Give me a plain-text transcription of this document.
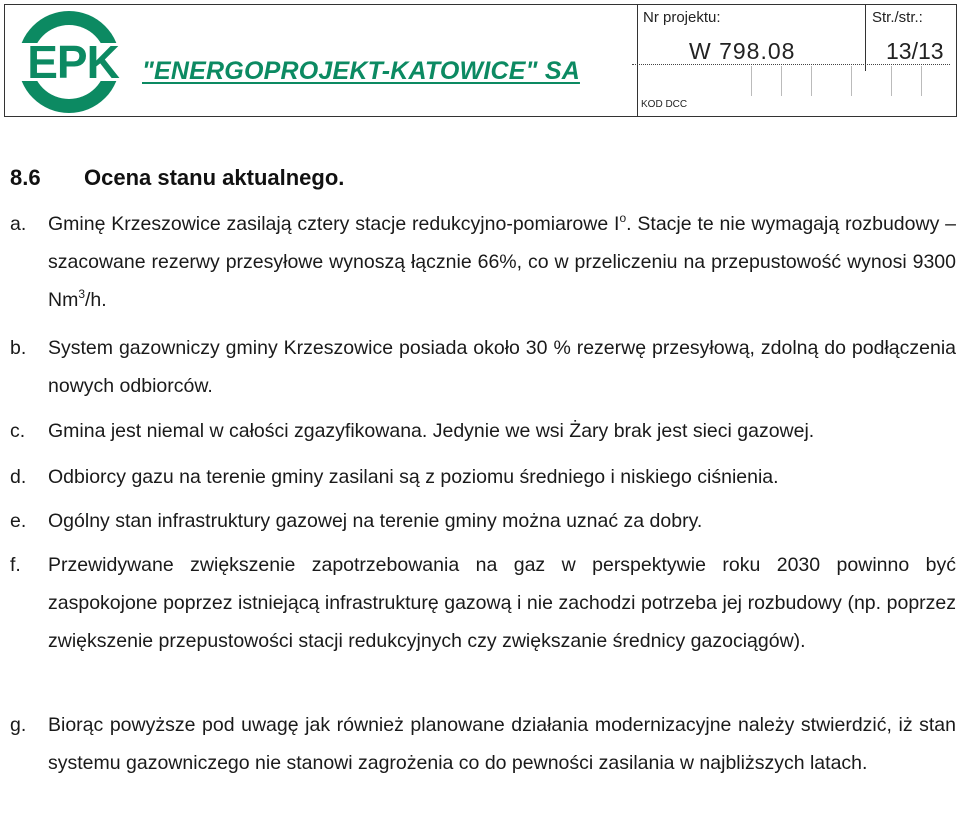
EPK "ENERGOPROJEKT-KATOWICE" SA
Nr projektu:
W 798.08
Str./str.:
13/13
KOD DCC
8.6 Ocena stanu aktualnego.
a. Gminę Krzeszowice zasilają cztery stacje redukcyjno-pomiarowe $I^o$. Stacje te nie wymagają rozbudowy – szacowane rezerwy przesyłowe wynoszą łącznie 66%, co w przeliczeniu na przepustowość wynosi 9300 Nm$^3$/h.
b. System gazowniczy gminy Krzeszowice posiada około 30 % rezerwę przesyłową, zdolną do podłączenia nowych odbiorców.
c. Gmina jest niemal w całości zgazyfikowana. Jedynie we wsi Żary brak jest sieci gazowej.
d. Odbiorcy gazu na terenie gminy zasilani są z poziomu średniego i niskiego ciśnienia.
e. Ogólny stan infrastruktury gazowej na terenie gminy można uznać za dobry.
f. Przewidywane zwiększenie zapotrzebowania na gaz w perspektywie roku 2030 powinno być zaspokojone poprzez istniejącą infrastrukturę gazową i nie zachodzi potrzeba jej rozbudowy (np. poprzez zwiększenie przepustowości stacji redukcyjnych czy zwiększanie średnicy gazociągów).
g. Biorąc powyższe pod uwagę jak również planowane działania modernizacyjne należy stwierdzić, iż stan systemu gazowniczego nie stanowi zagrożenia co do pewności zasilania w najbliższych latach.
